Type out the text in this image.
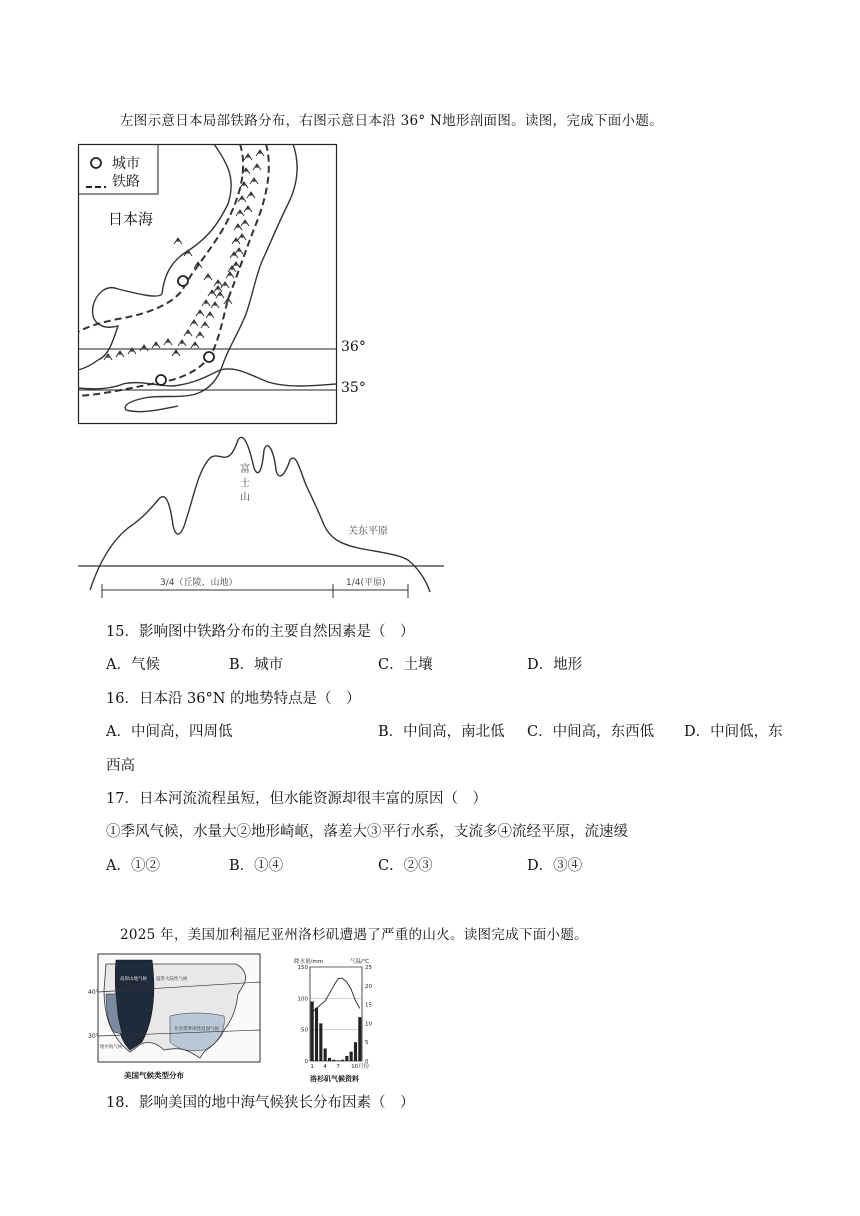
左图示意日本局部铁路分布，右图示意日本沿 36° N地形剖面图。读图，完成下面小题。
城市
铁路
日本海
36°
35°
富
士
山
关东平原
3/4（丘陵、山地）	1/4(平原)
15．影响图中铁路分布的主要自然因素是（　）
A．气候	B．城市	C．土壤	D．地形
16．日本沿 36°N 的地势特点是（　）
A．中间高，四周低	B．中间高，南北低 C．中间高，东西低 D．中间低，东
西高
17．日本河流流程虽短，但水能资源却很丰富的原因（　）
①季风气候，水量大②地形崎岖，落差大③平行水系，支流多④流经平原，流速缓
A．①②	B．①④	C．②③	D．③④
2025 年，美国加利福尼亚州洛杉矶遭遇了严重的山火。读图完成下面小题。
40°
30°
温带大陆性气候
亚热带季风性湿润气候
高原山地气候
地中海气候
美国气候类型分布
降水量/mm	气温/℃
150
100
50
0
25
20
15
10
5
0
1 4 7 10月份
洛杉矶气候资料
18．影响美国的地中海气候狭长分布因素（　）
